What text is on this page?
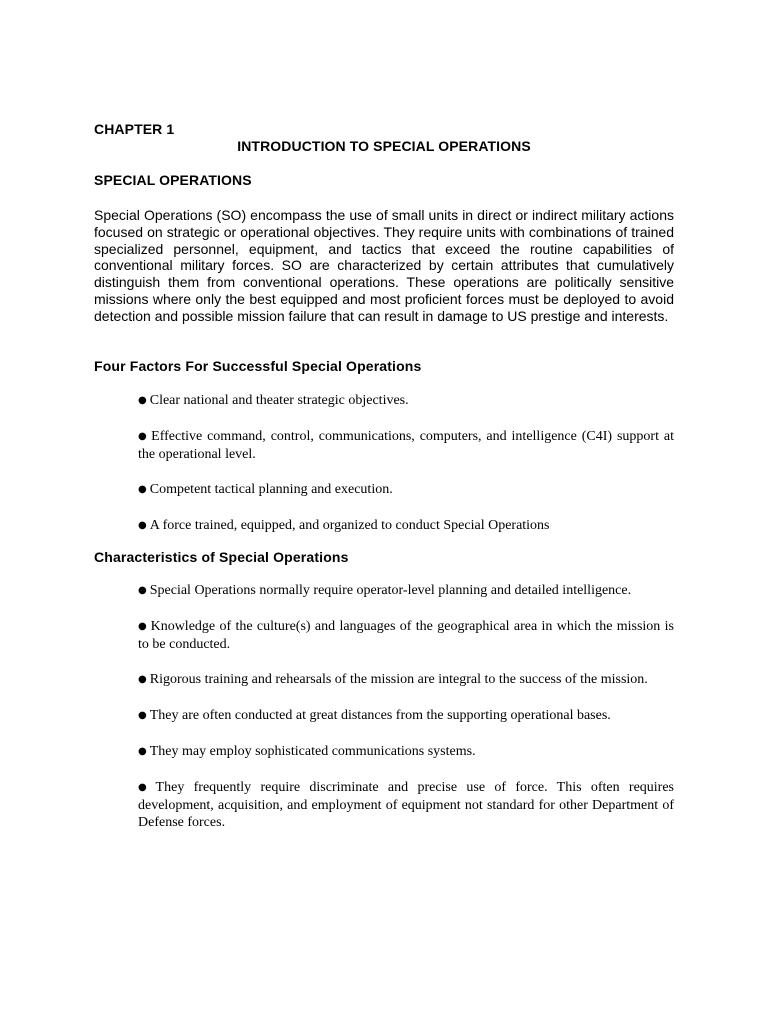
CHAPTER 1
INTRODUCTION TO SPECIAL OPERATIONS
SPECIAL OPERATIONS
Special Operations (SO) encompass the use of small units in direct or indirect military actions focused on strategic or operational objectives. They require units with combinations of trained specialized personnel, equipment, and tactics that exceed the routine capabilities of conventional military forces. SO are characterized by certain attributes that cumulatively distinguish them from conventional operations. These operations are politically sensitive missions where only the best equipped and most proficient forces must be deployed to avoid detection and possible mission failure that can result in damage to US prestige and interests.
Four Factors For Successful Special Operations
● Clear national and theater strategic objectives.
● Effective command, control, communications, computers, and intelligence (C4I) support at the operational level.
● Competent tactical planning and execution.
● A force trained, equipped, and organized to conduct Special Operations
Characteristics of Special Operations
● Special Operations normally require operator-level planning and detailed intelligence.
● Knowledge of the culture(s) and languages of the geographical area in which the mission is to be conducted.
● Rigorous training and rehearsals of the mission are integral to the success of the mission.
● They are often conducted at great distances from the supporting operational bases.
● They may employ sophisticated communications systems.
● They frequently require discriminate and precise use of force. This often requires development, acquisition, and employment of equipment not standard for other Department of Defense forces.
